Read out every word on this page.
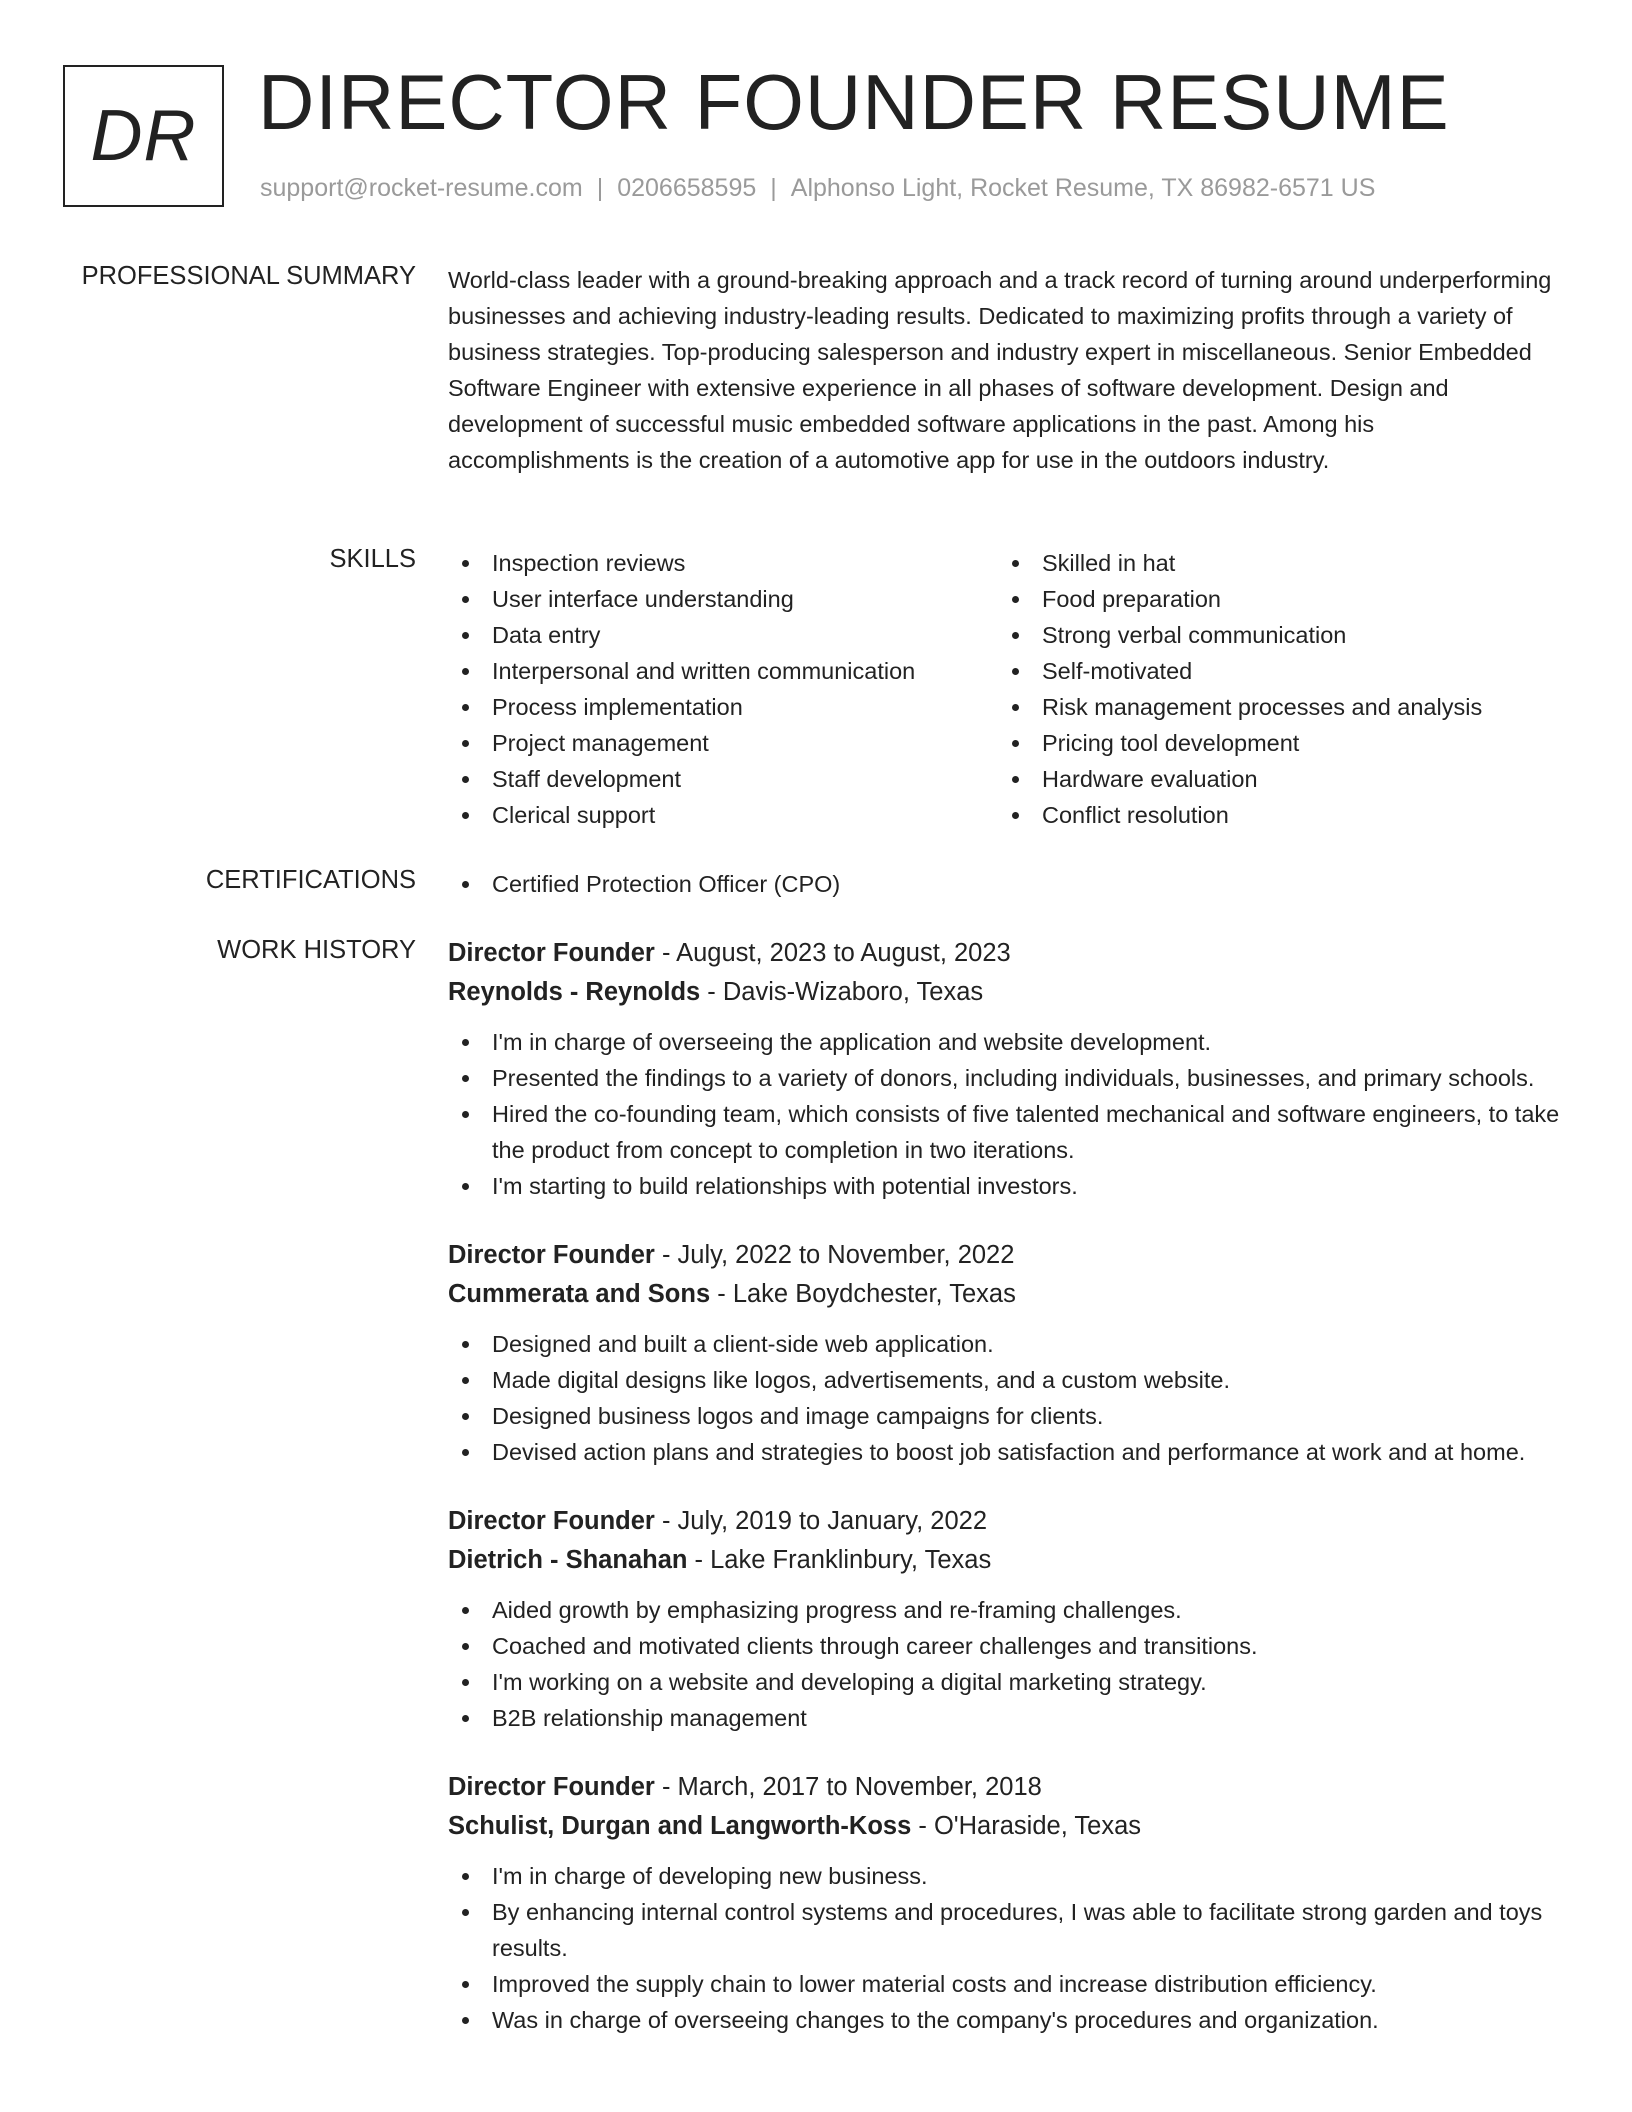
DR DIRECTOR FOUNDER RESUME
support@rocket-resume.com | 0206658595 | Alphonso Light, Rocket Resume, TX 86982-6571 US
PROFESSIONAL SUMMARY World-class leader with a ground-breaking approach and a track record of turning around underperforming businesses and achieving industry-leading results. Dedicated to maximizing profits through a variety of business strategies. Top-producing salesperson and industry expert in miscellaneous. Senior Embedded Software Engineer with extensive experience in all phases of software development. Design and development of successful music embedded software applications in the past. Among his accomplishments is the creation of a automotive app for use in the outdoors industry.

SKILLS	Inspection reviews
User interface understanding
Data entry
Interpersonal and written communication
Process implementation
Project management
Staff development
Clerical support
Skilled in hat
Food preparation
Strong verbal communication
Self-motivated
Risk management processes and analysis
Pricing tool development
Hardware evaluation
Conflict resolution
CERTIFICATIONS	Certified Protection Officer (CPO)
WORK HISTORY Director Founder - August, 2023 to August, 2023
Reynolds - Reynolds - Davis-Wizaboro, Texas
I'm in charge of overseeing the application and website development.
Presented the findings to a variety of donors, including individuals, businesses, and primary schools.
Hired the co-founding team, which consists of five talented mechanical and software engineers, to take the product from concept to completion in two iterations.
I'm starting to build relationships with potential investors.
Director Founder - July, 2022 to November, 2022
Cummerata and Sons - Lake Boydchester, Texas
Designed and built a client-side web application.
Made digital designs like logos, advertisements, and a custom website.
Designed business logos and image campaigns for clients.
Devised action plans and strategies to boost job satisfaction and performance at work and at home.
Director Founder - July, 2019 to January, 2022
Dietrich - Shanahan - Lake Franklinbury, Texas
Aided growth by emphasizing progress and re-framing challenges.
Coached and motivated clients through career challenges and transitions.
I'm working on a website and developing a digital marketing strategy.
B2B relationship management
Director Founder - March, 2017 to November, 2018
Schulist, Durgan and Langworth-Koss - O'Haraside, Texas
I'm in charge of developing new business.
By enhancing internal control systems and procedures, I was able to facilitate strong garden and toys results.
Improved the supply chain to lower material costs and increase distribution efficiency.
Was in charge of overseeing changes to the company's procedures and organization.
